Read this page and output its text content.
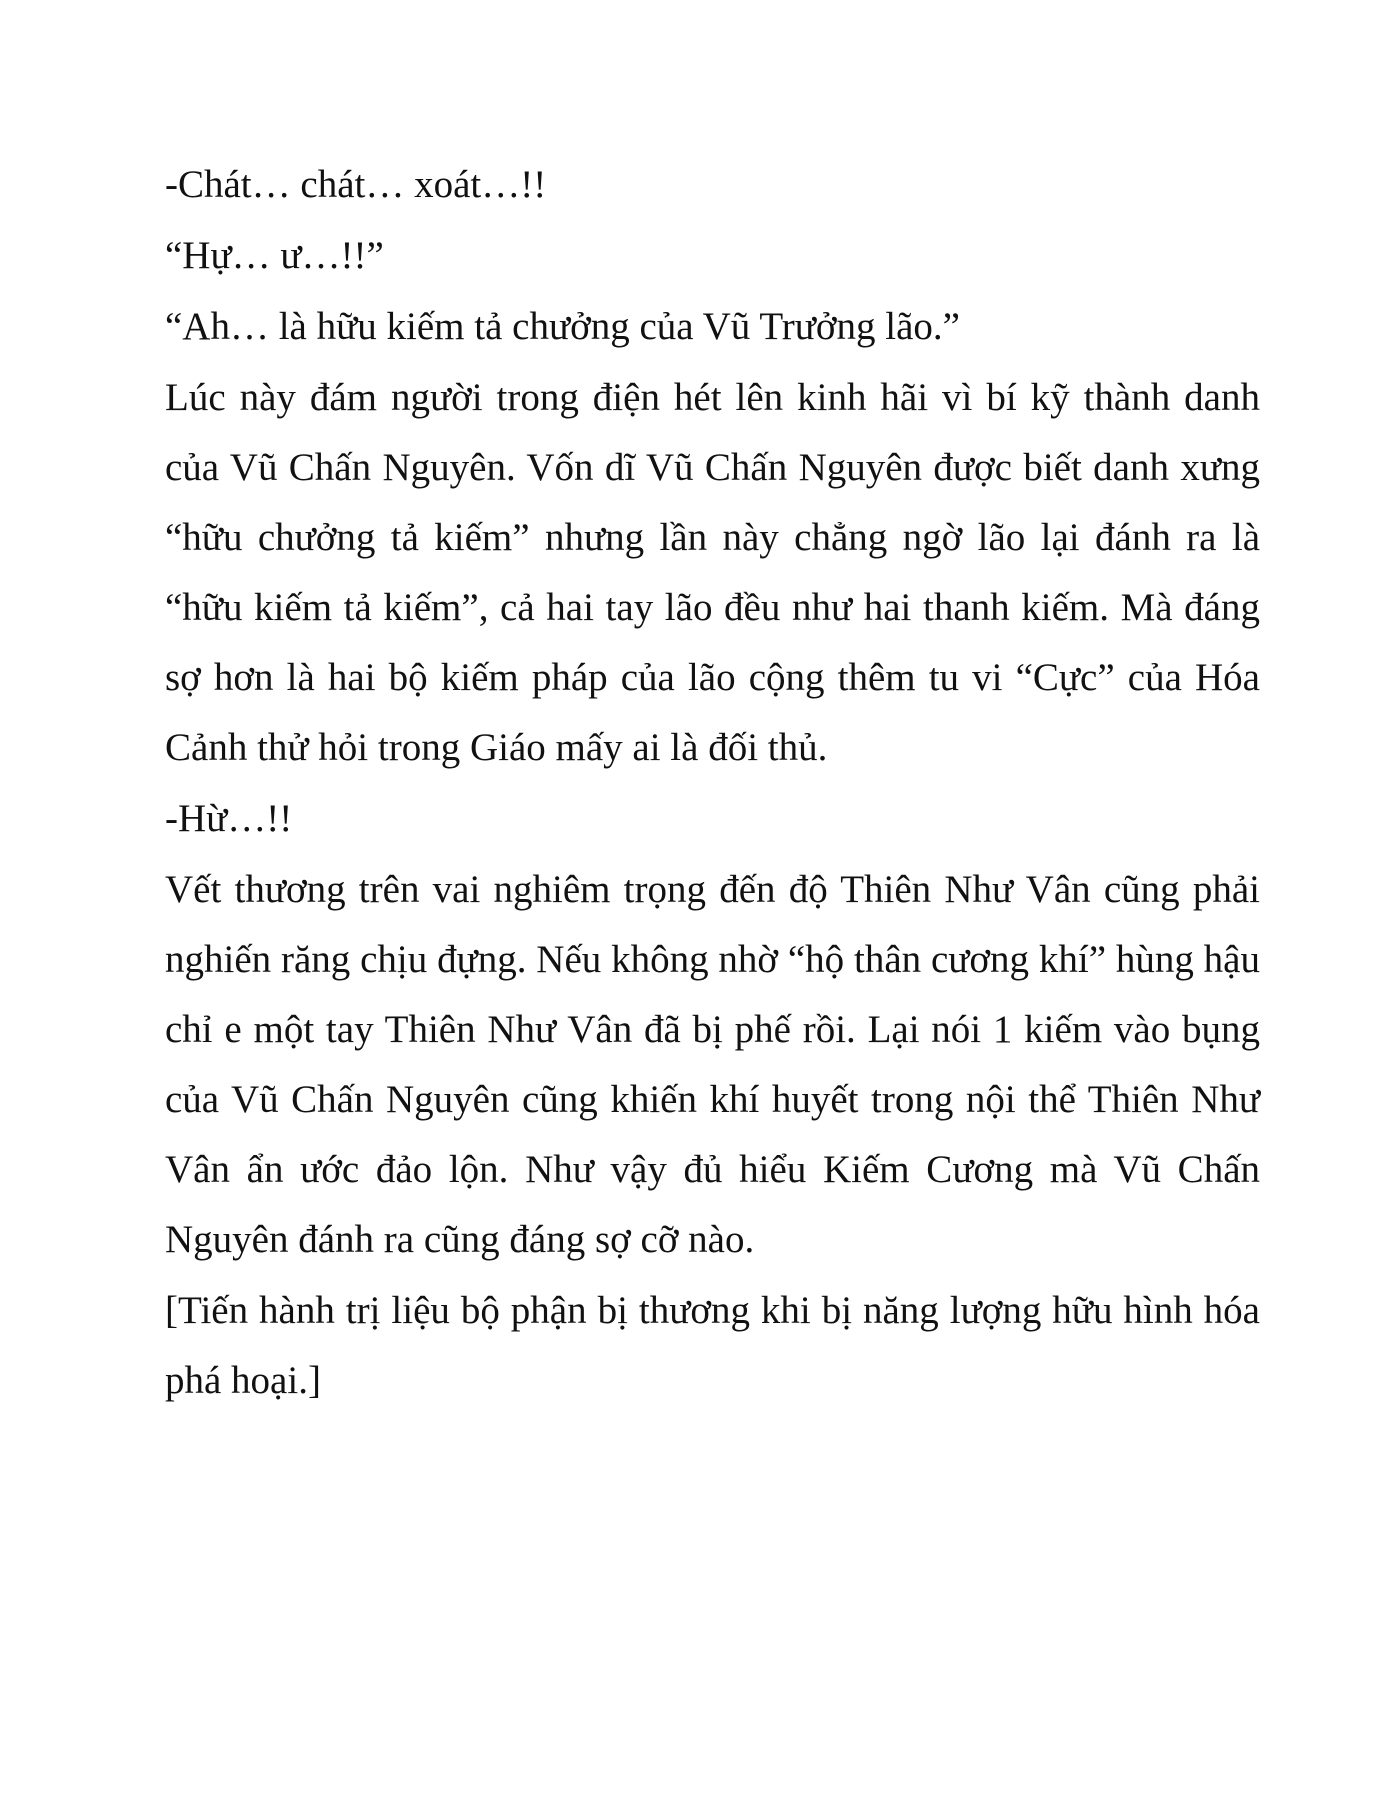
-Chát… chát… xoát…!!

“Hự… ư…!!”

“Ah… là hữu kiếm tả chưởng của Vũ Trưởng lão.”

Lúc này đám người trong điện hét lên kinh hãi vì bí kỹ thành danh của Vũ Chấn Nguyên. Vốn dĩ Vũ Chấn Nguyên được biết danh xưng “hữu chưởng tả kiếm” nhưng lần này chẳng ngờ lão lại đánh ra là “hữu kiếm tả kiếm”, cả hai tay lão đều như hai thanh kiếm. Mà đáng sợ hơn là hai bộ kiếm pháp của lão cộng thêm tu vi “Cực” của Hóa Cảnh thử hỏi trong Giáo mấy ai là đối thủ.

-Hừ…!!

Vết thương trên vai nghiêm trọng đến độ Thiên Như Vân cũng phải nghiến răng chịu đựng. Nếu không nhờ “hộ thân cương khí” hùng hậu chỉ e một tay Thiên Như Vân đã bị phế rồi. Lại nói 1 kiếm vào bụng của Vũ Chấn Nguyên cũng khiến khí huyết trong nội thể Thiên Như Vân ẩn ước đảo lộn. Như vậy đủ hiểu Kiếm Cương mà Vũ Chấn Nguyên đánh ra cũng đáng sợ cỡ nào.

[Tiến hành trị liệu bộ phận bị thương khi bị năng lượng hữu hình hóa phá hoại.]
